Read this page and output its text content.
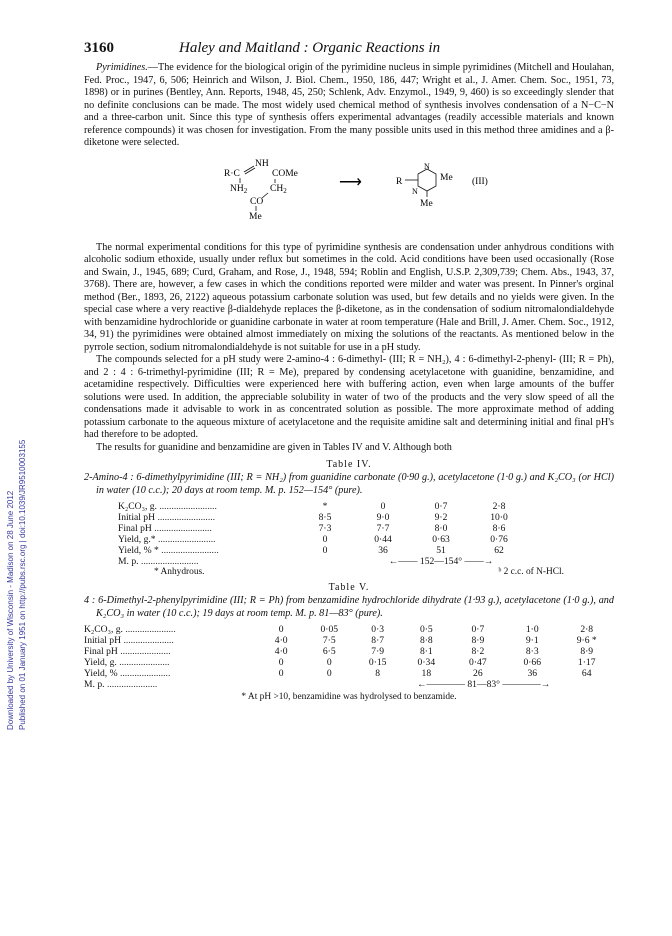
Downloaded by University of Wisconsin - Madison on 28 June 2012 Published on 01 January 1951 on http://pubs.rsc.org | doi:10.1039/JR9510003155
3160	Haley and Maitland : Organic Reactions in

Pyrimidines.—The evidence for the biological origin of the pyrimidine nucleus in simple pyrimidines (Mitchell and Houlahan, Fed. Proc., 1947, 6, 506; Heinrich and Wilson, J. Biol. Chem., 1950, 186, 447; Wright et al., J. Amer. Chem. Soc., 1951, 73, 1898) or in purines (Bentley, Ann. Reports, 1948, 45, 250; Schlenk, Adv. Enzymol., 1949, 9, 460) is so exceedingly slender that no definite conclusions can be made. The most widely used chemical method of synthesis involves condensation of a N−C−N and a three-carbon unit. Since this type of synthesis offers experimental advantages (readily accessible materials and known reference compounds) it was chosen for investigation. From the many possible units used in this method three amidines and a β-diketone were selected.

R·C
NH
$NH_2$
COMe
$CH_2$
CO
Me
⟶	R
N
N
Me
Me
(III)

The normal experimental conditions for this type of pyrimidine synthesis are condensation under anhydrous conditions with alcoholic sodium ethoxide, usually under reflux but sometimes in the cold. Acid conditions have been used occasionally (Rose and Swain, J., 1945, 689; Curd, Graham, and Rose, J., 1948, 594; Roblin and English, U.S.P. 2,309,739; Chem. Abs., 1943, 37, 3768). There are, however, a few cases in which the conditions reported were milder and water was present. In Pinner's orginal method (Ber., 1893, 26, 2122) aqueous potassium carbonate solution was used, but few details and no yields were given. In the special case where a very reactive β-dialdehyde replaces the β-diketone, as in the condensation of sodium nitromalondialdehyde with benzamidine hydrochloride or guanidine carbonate in water at room temperature (Hale and Brill, J. Amer. Chem. Soc., 1912, 34, 91) the pyrimidines were obtained almost immediately on mixing the solutions of the reactants. As mentioned below in the pyrrole section, sodium nitromalondialdehyde is not suitable for use in a pH study.

The compounds selected for a pH study were 2-amino-4 : 6-dimethyl- (III; R = NH₂), 4 : 6-dimethyl-2-phenyl- (III; R = Ph), and 2 : 4 : 6-trimethyl-pyrimidine (III; R = Me), prepared by condensing acetylacetone with guanidine, benzamidine, and acetamidine respectively. Difficulties were experienced here with buffering action, even when large amounts of the buffer solutions were used. In addition, the appreciable solubility in water of two of the products and the very slow speed of all the condensations made it advisable to work in as concentrated solution as possible. The more approximate method of adding potassium carbonate to the aqueous mixture of acetylacetone and the requisite amidine salt and determining initial and final pH's had therefore to be adopted.

The results for guanidine and benzamidine are given in Tables IV and V. Although both

Table IV.
2-Amino-4 : 6-dimethylpyrimidine (III; R = NH₂) from guanidine carbonate (0·90 g.), acetylacetone (1·0 g.) and K₂CO₃ (or HCl) in water (10 c.c.); 20 days at room temp. M. p. 152—154° (pure).
K₂CO₃, g. ........................	*	0	0·7	2·8
Initial pH ........................	8·5	9·0	9·2	10·0
Final pH ........................	7·3	7·7	8·0	8·6
Yield, g.* ........................	0	0·44	0·63	0·76
Yield, % * ........................	0	36	51	62
M. p. ........................		←—— 152—154° ——→		
* Anhydrous.	ᵇ 2 c.c. of N-HCl.
Table V.
4 : 6-Dimethyl-2-phenylpyrimidine (III; R = Ph) from benzamidine hydrochloride dihydrate (1·93 g.), acetylacetone (1·0 g.), and K₂CO₃ in water (10 c.c.); 19 days at room temp. M. p. 81—83° (pure).
K₂CO₃, g. .....................	0	0·05	0·3	0·5	0·7	1·0	2·8
Initial pH .....................	4·0	7·5	8·7	8·8	8·9	9·1	9·6 *
Final pH .....................	4·0	6·5	7·9	8·1	8·2	8·3	8·9
Yield, g. .....................	0	0	0·15	0·34	0·47	0·66	1·17
Yield, % .....................	0	0	8	18	26	36	64
M. p. .....................			←———— 81—83° ————→				
* At pH >10, benzamidine was hydrolysed to benzamide.
